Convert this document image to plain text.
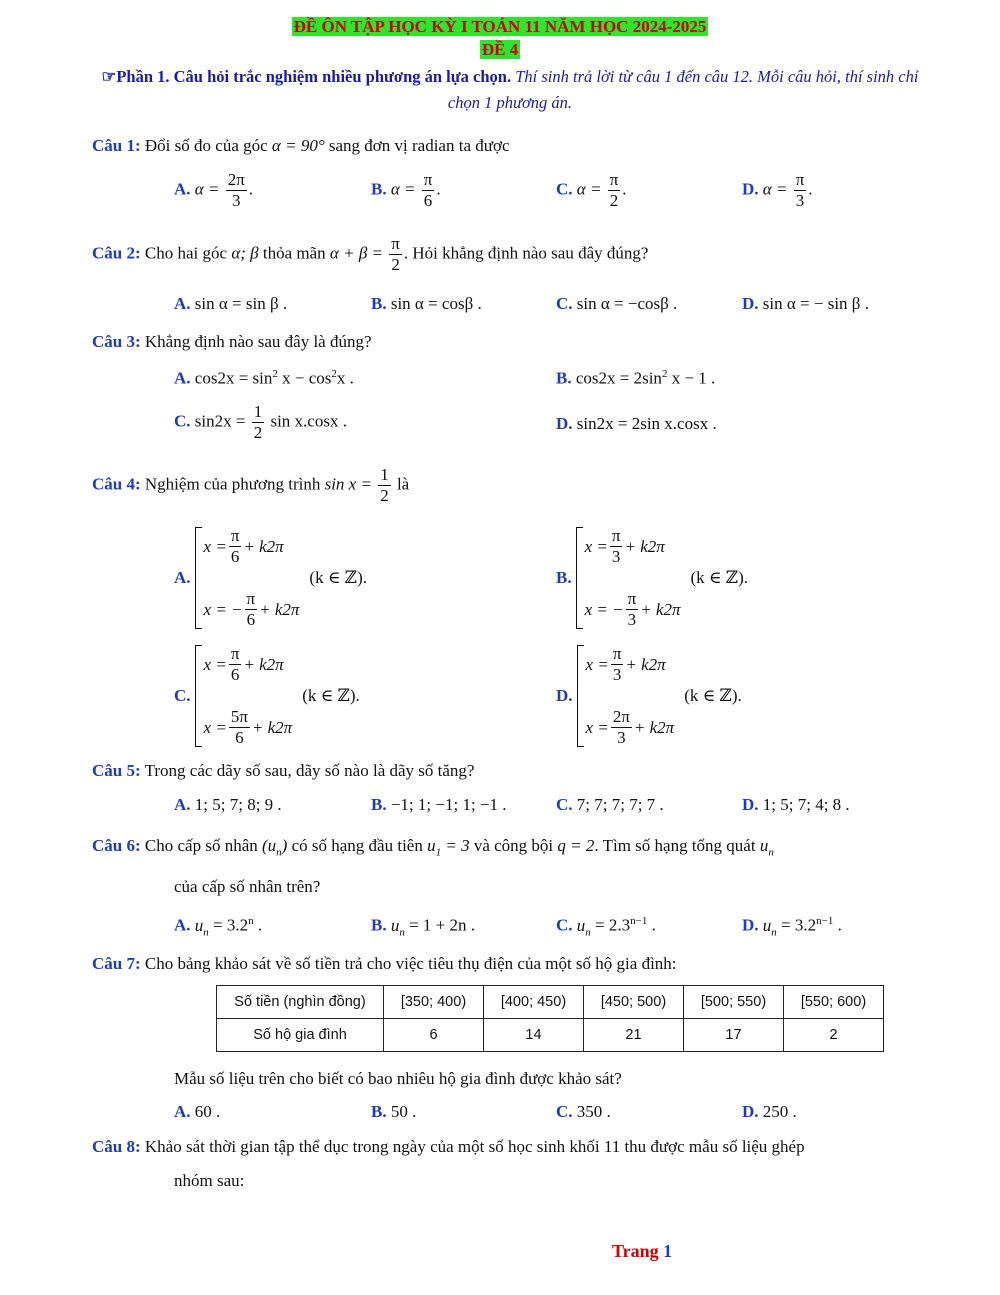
ĐỀ ÔN TẬP HỌC KỲ I TOÁN 11 NĂM HỌC 2024-2025
ĐỀ 4
☞Phần 1. Câu hỏi trắc nghiệm nhiều phương án lựa chọn. Thí sinh trả lời từ câu 1 đến câu 12. Mỗi câu hỏi, thí sinh chỉ chọn 1 phương án.
Câu 1: Đổi số đo của góc α = 90° sang đơn vị radian ta được
A. $\alpha = \frac{2\pi}{3}$ .	B. $\alpha = \frac{\pi}{6}$ .	C. $\alpha = \frac{\pi}{2}$ .	D. $\alpha = \frac{\pi}{3}$ .
Câu 2: Cho hai góc α; β thỏa mãn $\alpha + \beta = \frac{\pi}{2}$ . Hỏi khẳng định nào sau đây đúng?
A. sin α = sin β .	B. sin α = cosβ .	C. sin α = −cosβ .	D. sin α = − sin β .
Câu 3: Khẳng định nào sau đây là đúng?
A. $\cos 2x = \sin^2 x - \cos^2x$ .	B. $\cos 2x = 2\sin^2$ x − 1 .
C. $\sin 2x = \frac{1}{2}$ sin x.cosx .	D. sin2x = 2sin x.cosx .
Câu 4: Nghiệm của phương trình $\sin x = \frac{1}{2}$ là
A.
$x = \frac{\pi}{6} + k2\pi$
x = − $\frac{\pi}{6} + k2\pi$
(k ∈ ℤ).	B.
$x = \frac{\pi}{3} + k2\pi$
x = − $\frac{\pi}{3} + k2\pi$
(k ∈ ℤ).
C.
$x = \frac{\pi}{6} + k2\pi$
$x = \frac{5\pi}{6} + k2\pi$
(k ∈ ℤ).	D.
$x = \frac{\pi}{3} + k2\pi$
$x = \frac{2\pi}{3} + k2\pi$
(k ∈ ℤ).
Câu 5: Trong các dãy số sau, dãy số nào là dãy số tăng?
A. 1; 5; 7; 8; 9 .	B. −1; 1; −1; 1; −1 .	C. 7; 7; 7; 7; 7 .	D. 1; 5; 7; 4; 8 .
Câu 6: Cho cấp số nhân $(u_n)$ có số hạng đầu tiên $u_1 = 3$ và công bội q = 2. Tìm số hạng tổng quát $u_n$
của cấp số nhân trên?
A. $u_n = 3.2^n$ .	B. $u_n = 1 + 2n$ .	C. $u_n = 2.3^{n-1}$ .	D. $u_n = 3.2^{n-1}$ .
Câu 7: Cho bảng khảo sát về số tiền trả cho việc tiêu thụ điện của một số hộ gia đình:
Số tiền (nghìn đồng)	[350; 400)	[400; 450)	[450; 500)	[500; 550)	[550; 600)
Số hộ gia đình	6	14	21	17	2
Mẫu số liệu trên cho biết có bao nhiêu hộ gia đình được khảo sát?
A. 60 .	B. 50 .	C. 350 .	D. 250 .
Câu 8: Khảo sát thời gian tập thể dục trong ngày của một số học sinh khối 11 thu được mẫu số liệu ghép
nhóm sau:
Trang 1
